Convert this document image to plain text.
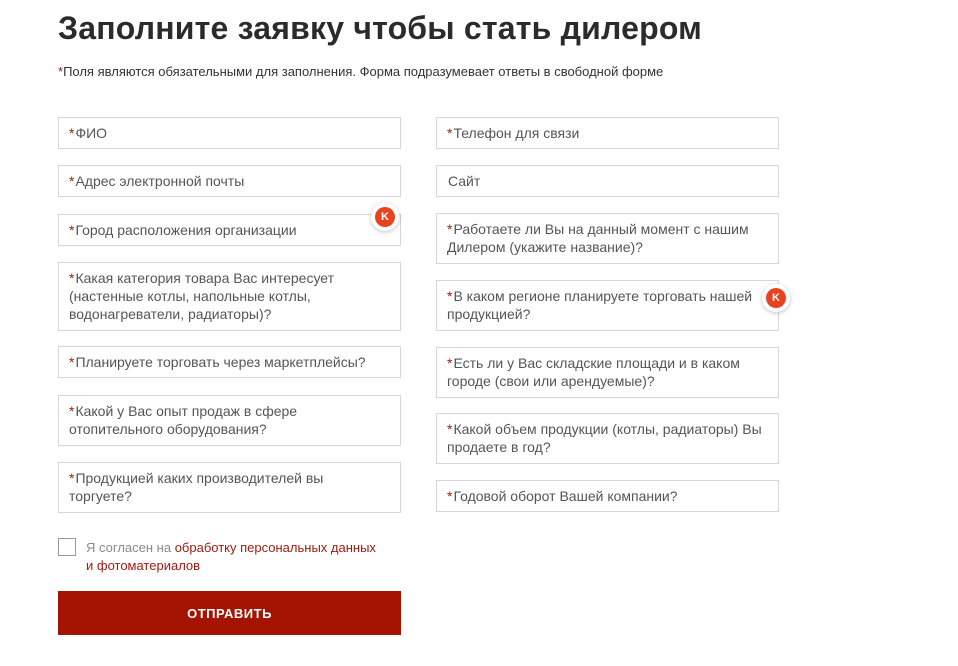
Заполните заявку чтобы стать дилером
*Поля являются обязательными для заполнения. Форма подразумевает ответы в свободной форме
*ФИО
*Адрес электронной почты
*Город расположения организации
*Какая категория товара Вас интересует (настенные котлы, напольные котлы, водонагреватели, радиаторы)?
*Планируете торговать через маркетплейсы?
*Какой у Вас опыт продаж в сфере отопительного оборудования?
*Продукцией каких производителей вы торгуете?
*Телефон для связи
Сайт
*Работаете ли Вы на данный момент с нашим Дилером (укажите название)?
*В каком регионе планируете торговать нашей продукцией?
*Есть ли у Вас складские площади и в каком городе (свои или арендуемые)?
*Какой объем продукции (котлы, радиаторы) Вы продаете в год?
*Годовой оборот Вашей компании?
K
K
Я согласен на обработку персональных данных и фотоматериалов
ОТПРАВИТЬ
